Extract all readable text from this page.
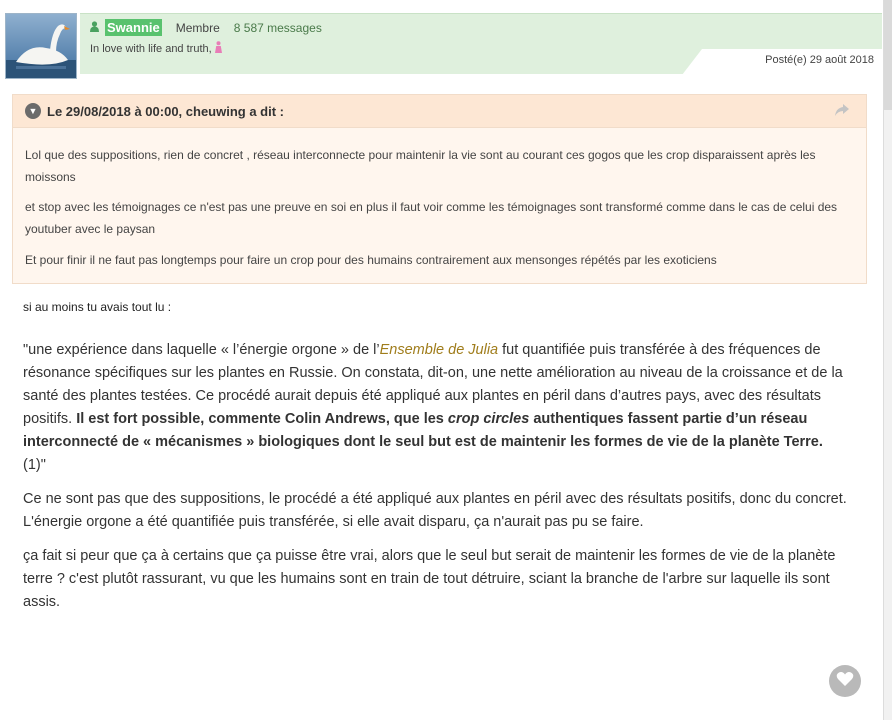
Swannie Membre 8 587 messages
In love with life and truth,
Posté(e) 29 août 2018
▼ Le 29/08/2018 à 00:00, cheuwing a dit :

Lol que des suppositions, rien de concret , réseau interconnecte pour maintenir la vie sont au courant ces gogos que les crop disparaissent après les moissons

et stop avec les témoignages ce n'est pas une preuve en soi en plus il faut voir comme les témoignages sont transformé comme dans le cas de celui des youtuber avec le paysan

Et pour finir il ne faut pas longtemps pour faire un crop pour des humains contrairement aux mensonges répétés par les exoticiens

si au moins tu avais tout lu :
"une expérience dans laquelle « l’énergie orgone » de l’Ensemble de Julia fut quantifiée puis transférée à des fréquences de résonance spécifiques sur les plantes en Russie. On constata, dit-on, une nette amélioration au niveau de la croissance et de la santé des plantes testées. Ce procédé aurait depuis été appliqué aux plantes en péril dans d’autres pays, avec des résultats positifs. Il est fort possible, commente Colin Andrews, que les crop circles authentiques fassent partie d’un réseau interconnecté de « mécanismes » biologiques dont le seul but est de maintenir les formes de vie de la planète Terre. (1)"

Ce ne sont pas que des suppositions, le procédé a été appliqué aux plantes en péril avec des résultats positifs, donc du concret. L'énergie orgone a été quantifiée puis transférée, si elle avait disparu, ça n'aurait pas pu se faire.

ça fait si peur que ça à certains que ça puisse être vrai, alors que le seul but serait de maintenir les formes de vie de la planète terre ? c'est plutôt rassurant, vu que les humains sont en train de tout détruire, sciant la branche de l'arbre sur laquelle ils sont assis.
